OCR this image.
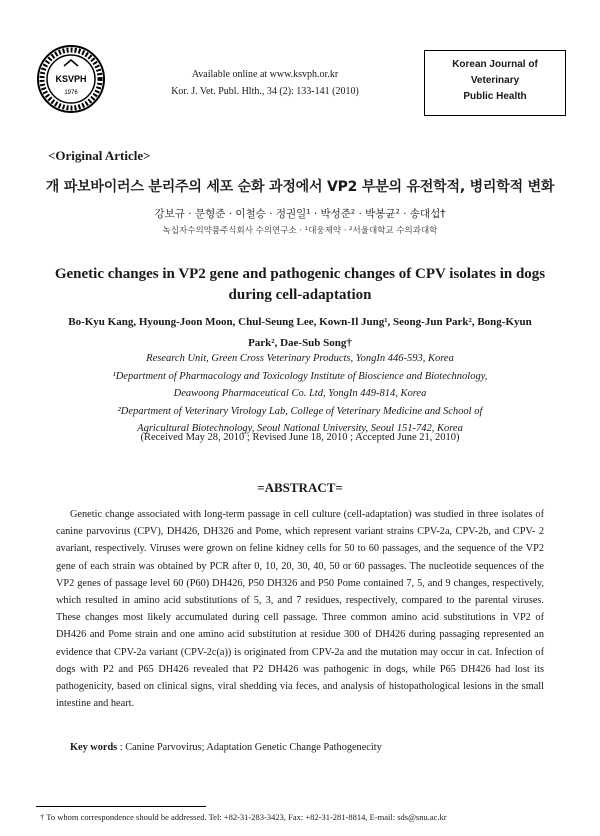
KSVPH
1976
Available online at www.ksvph.or.kr
Kor. J. Vet. Publ. Hlth., 34 (2): 133-141 (2010)
Korean Journal of
Veterinary
Public Health
<Original Article>
개 파보바이러스 분리주의 세포 순화 과정에서 VP2 부분의 유전학적, 병리학적 변화
강보규 · 문형준 · 이철승 · 정권일¹ · 박성준² · 박봉균² · 송대섭†
녹십자수의약품주식회사 수의연구소 · ¹대웅제약 · ²서울대학교 수의과대학
Genetic changes in VP2 gene and pathogenic changes of CPV isolates in dogs during cell-adaptation
Bo-Kyu Kang, Hyoung-Joon Moon, Chul-Seung Lee, Kown-Il Jung¹, Seong-Jun Park², Bong-Kyun Park², Dae-Sub Song†
Research Unit, Green Cross Veterinary Products, YongIn 446-593, Korea
¹Department of Pharmacology and Toxicology Institute of Bioscience and Biotechnology,
Deawoong Pharmaceutical Co. Ltd, YongIn 449-814, Korea
²Department of Veterinary Virology Lab, College of Veterinary Medicine and School of
Agricultural Biotechnology, Seoul National University, Seoul 151-742, Korea
(Received May 28, 2010 ; Revised June 18, 2010 ; Accepted June 21, 2010)
=ABSTRACT=
Genetic change associated with long-term passage in cell culture (cell-adaptation) was studied in three isolates of canine parvovirus (CPV), DH426, DH326 and Pome, which represent variant strains CPV-2a, CPV-2b, and CPV- 2 avariant, respectively. Viruses were grown on feline kidney cells for 50 to 60 passages, and the sequence of the VP2 gene of each strain was obtained by PCR after 0, 10, 20, 30, 40, 50 or 60 passages. The nucleotide sequences of the VP2 genes of passage level 60 (P60) DH426, P50 DH326 and P50 Pome contained 7, 5, and 9 changes, respectively, which resulted in amino acid substitutions of 5, 3, and 7 residues, respectively, compared to the parental viruses. These changes most likely accumulated during cell passage. Three common amino acid substitutions in VP2 of DH426 and Pome strain and one amino acid substitution at residue 300 of DH426 during passaging represented an evidence that CPV-2a variant (CPV-2c(a)) is originated from CPV-2a and the mutation may occur in cat. Infection of dogs with P2 and P65 DH426 revealed that P2 DH426 was pathogenic in dogs, while P65 DH426 had lost its pathogenicity, based on clinical signs, viral shedding via feces, and analysis of histopathological lesions in the small intestine and heart.
Key words : Canine Parvovirus; Adaptation Genetic Change Pathogenecity
† To whom correspondence should be addressed. Tel: +82-31-283-3423, Fax: +82-31-281-8814, E-mail: sds@snu.ac.kr
